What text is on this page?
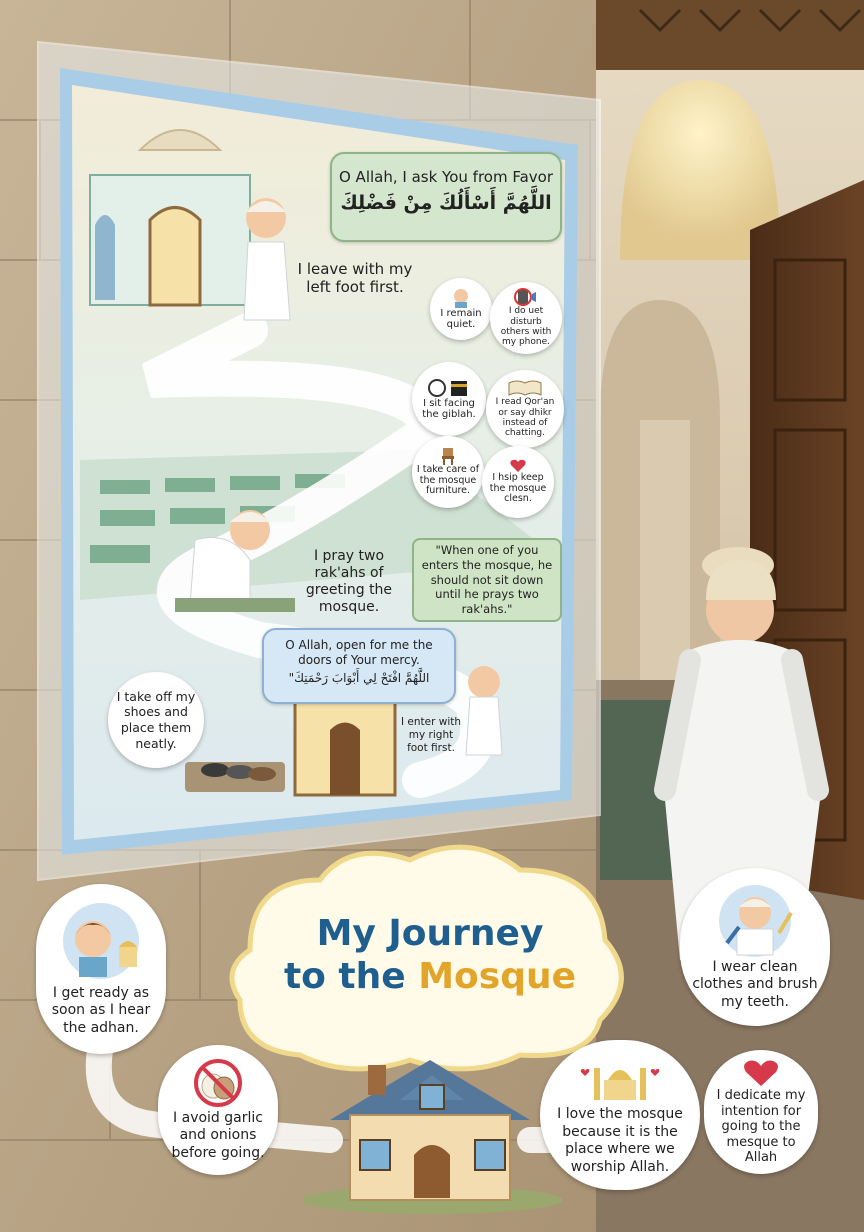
O Allah, I ask You from Favor
اللَّهُمَّ أَسْأَلُكَ مِنْ فَضْلِكَ
I leave with my left foot first.
I remain quiet.
I do uet disturb others with my phone.
I sit facing the giblah.
I read Qor'an or say dhikr instead of chatting.
I take care of the mosque furniture.
I hsip keep the mosque clesn.
I pray two rak'ahs of greeting the mosque.
"When one of you enters the mosque, he should not sit down until he prays two rak'ahs."
O Allah, open for me the doors of Your mercy.
"اللَّهُمَّ افْتَحْ لِي أَبْوَابَ رَحْمَتِكَ
I take off my shoes and place them neatly.
I enter with my right foot first.
My Journey
to the Mosque
I get ready as soon as I hear the adhan.
I avoid garlic and onions before going.
I love the mosque because it is the place where we worship Allah.
I dedicate my intention for going to the mesque to Allah
I wear clean clothes and brush my teeth.
